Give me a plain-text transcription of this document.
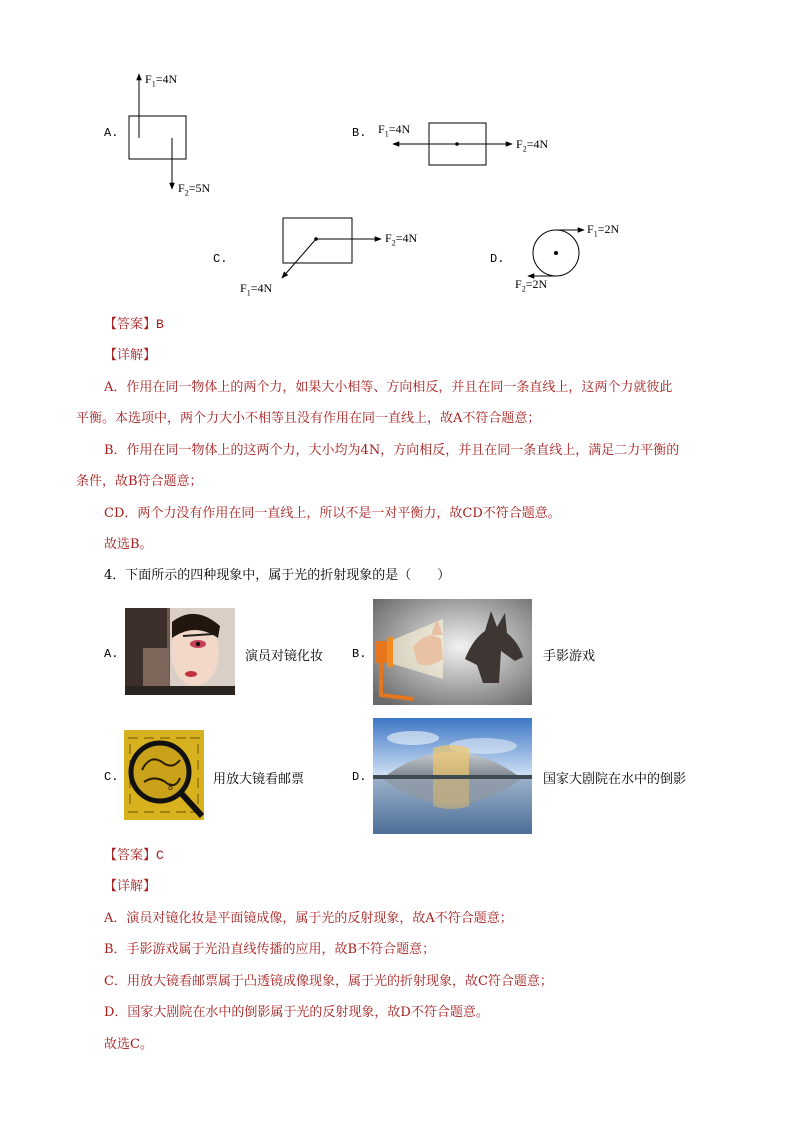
A.
$F_1=4N$
$F_2=5N$
B. $F_1=4N$
$F_2=4N$
C.
$F_2=4N$
$F_1=4N$
D.
$F_1=2N$
$F_2=2N$
【答案】B
【详解】
A．作用在同一物体上的两个力，如果大小相等、方向相反，并且在同一条直线上，这两个力就彼此
平衡。本选项中，两个力大小不相等且没有作用在同一直线上，故A不符合题意；
B．作用在同一物体上的这两个力，大小均为4N，方向相反，并且在同一条直线上，满足二力平衡的
条件，故B符合题意；
CD．两个力没有作用在同一直线上，所以不是一对平衡力，故CD不符合题意。
故选B。
4．下面所示的四种现象中，属于光的折射现象的是（　　）
A.	演员对镜化妆 B.	手影游戏
C.
8	用放大镜看邮票	D.	国家大剧院在水中的倒影
【答案】C
【详解】
A．演员对镜化妆是平面镜成像，属于光的反射现象，故A不符合题意；
B．手影游戏属于光沿直线传播的应用，故B不符合题意；
C．用放大镜看邮票属于凸透镜成像现象，属于光的折射现象，故C符合题意；
D．国家大剧院在水中的倒影属于光的反射现象，故D不符合题意。
故选C。
